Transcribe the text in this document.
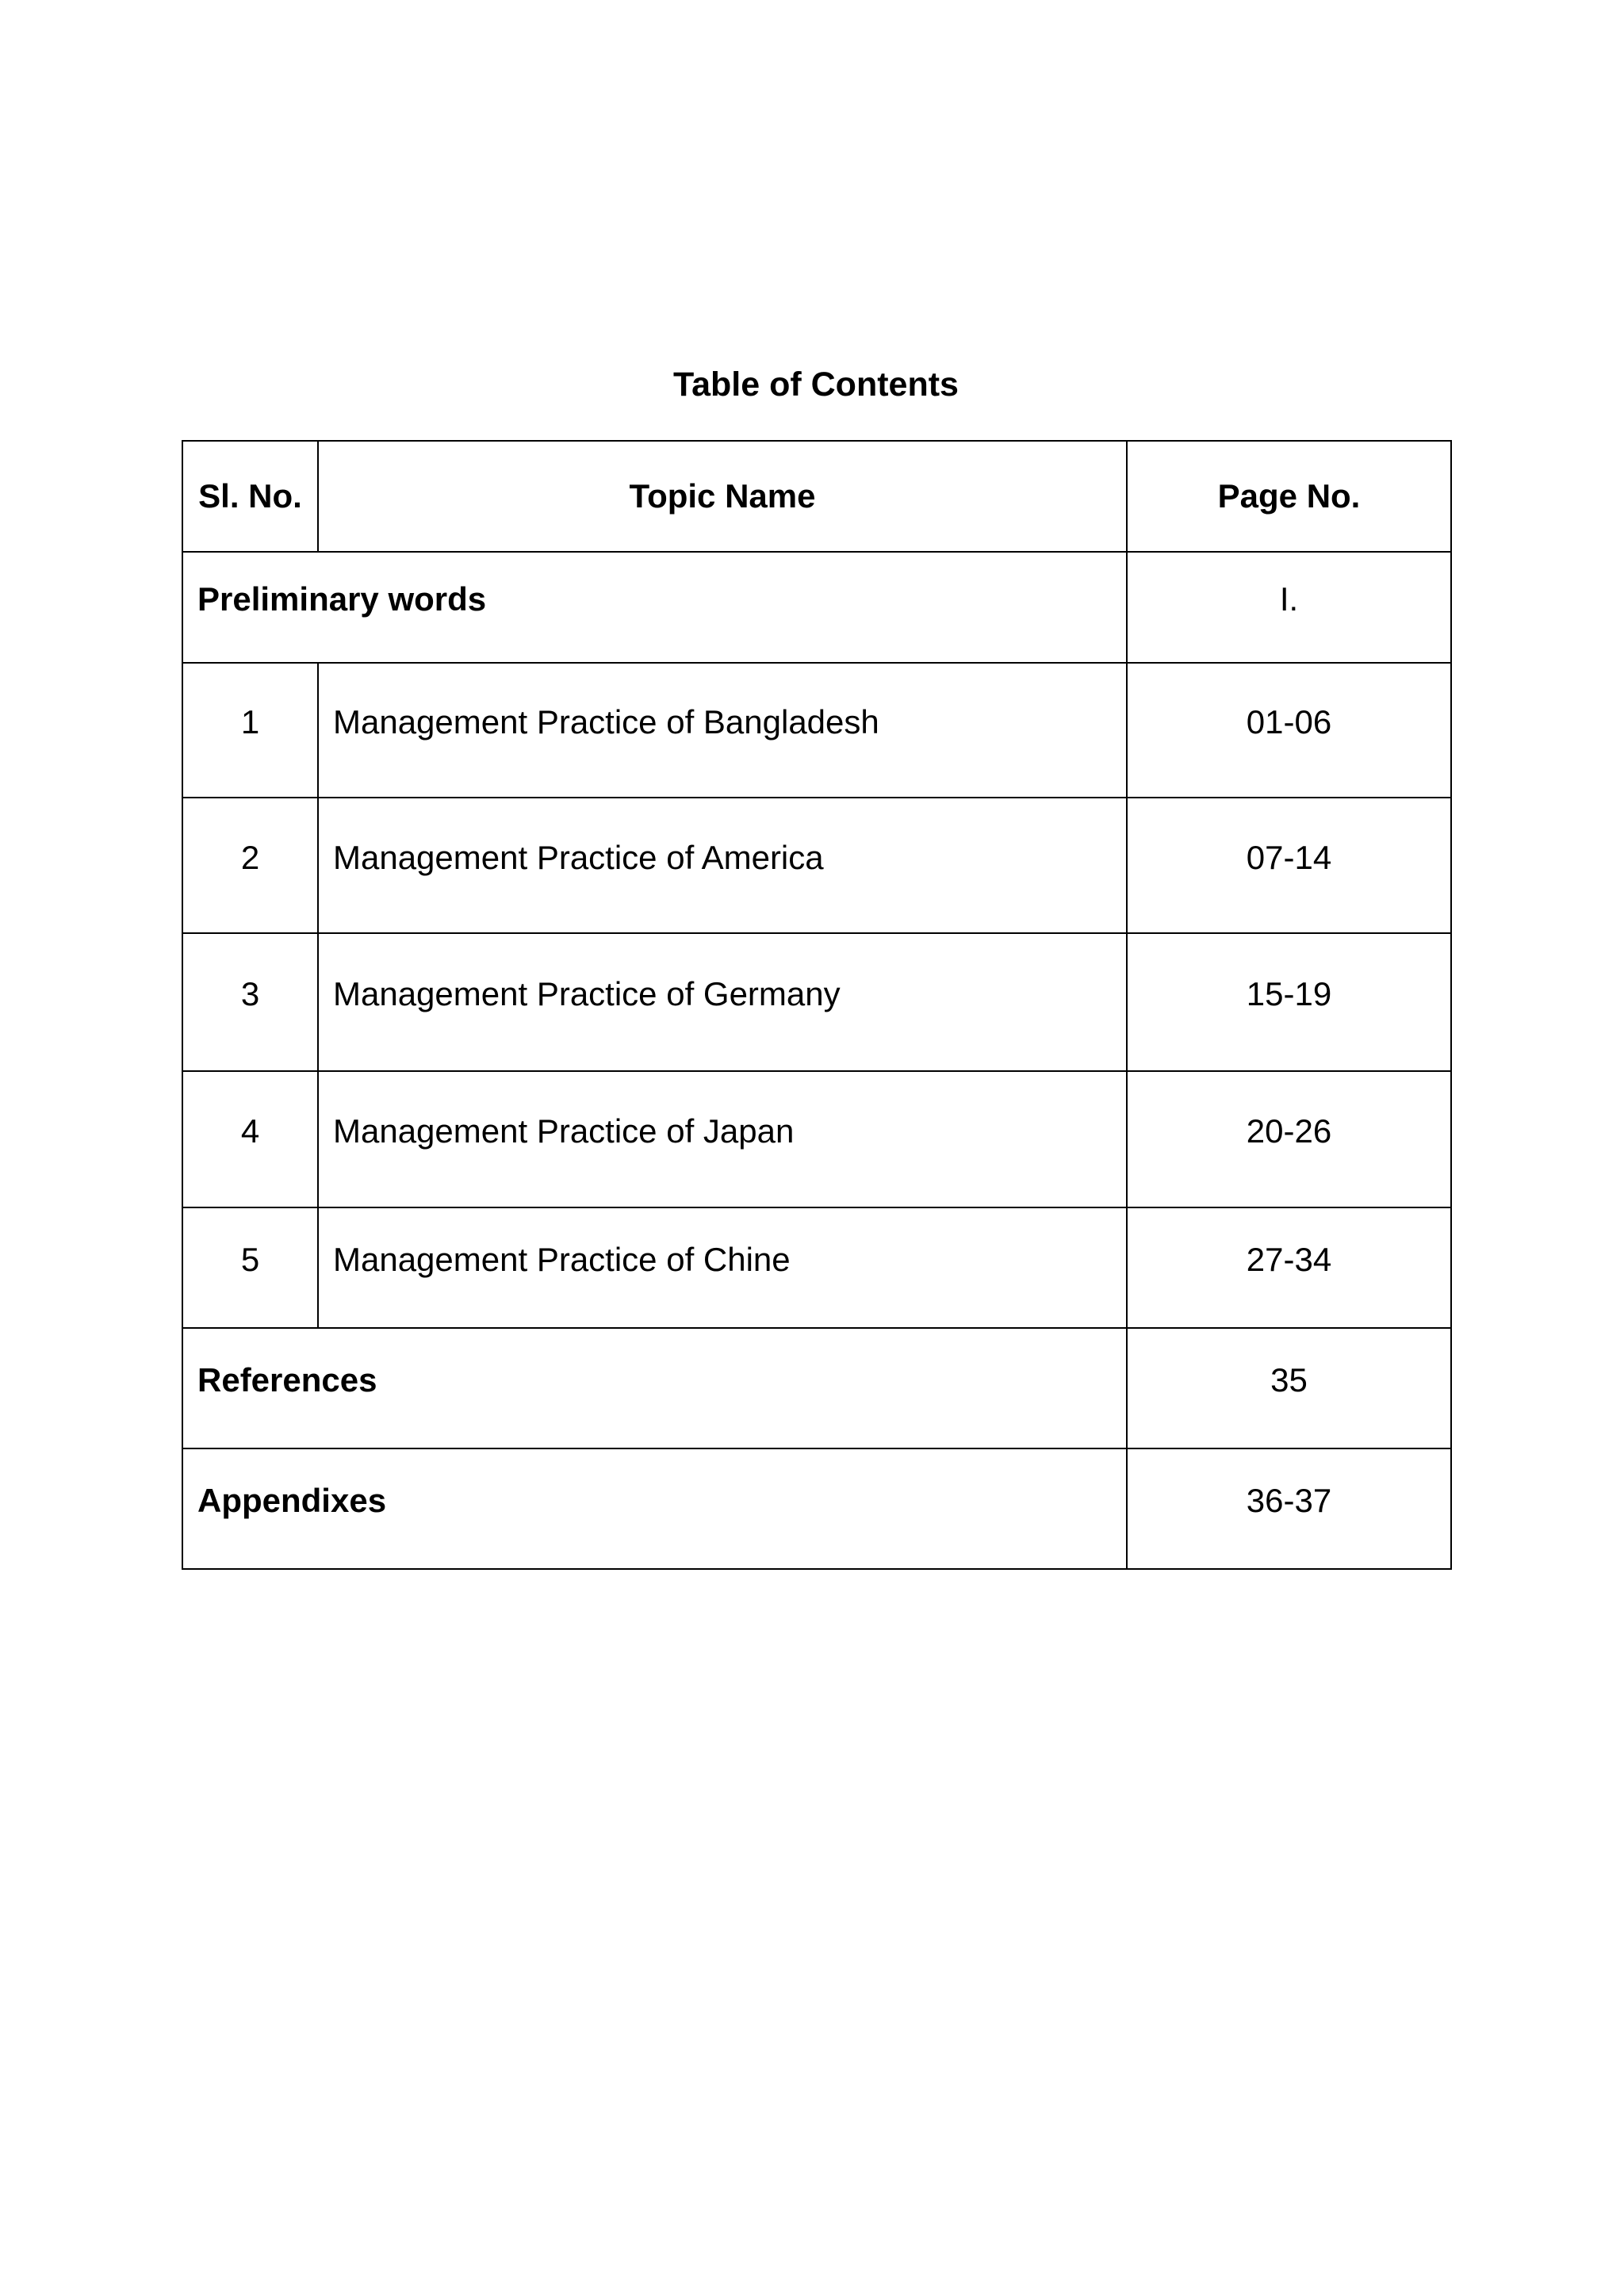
Table of Contents
Sl. No.	Topic Name	Page No.

Preliminary words		I.

1	Management Practice of Bangladesh	01-06

2	Management Practice of America	07-14

3	Management Practice of Germany	15-19

4	Management Practice of Japan	20-26

5	Management Practice of Chine	27-34

References		35

Appendixes		36-37
